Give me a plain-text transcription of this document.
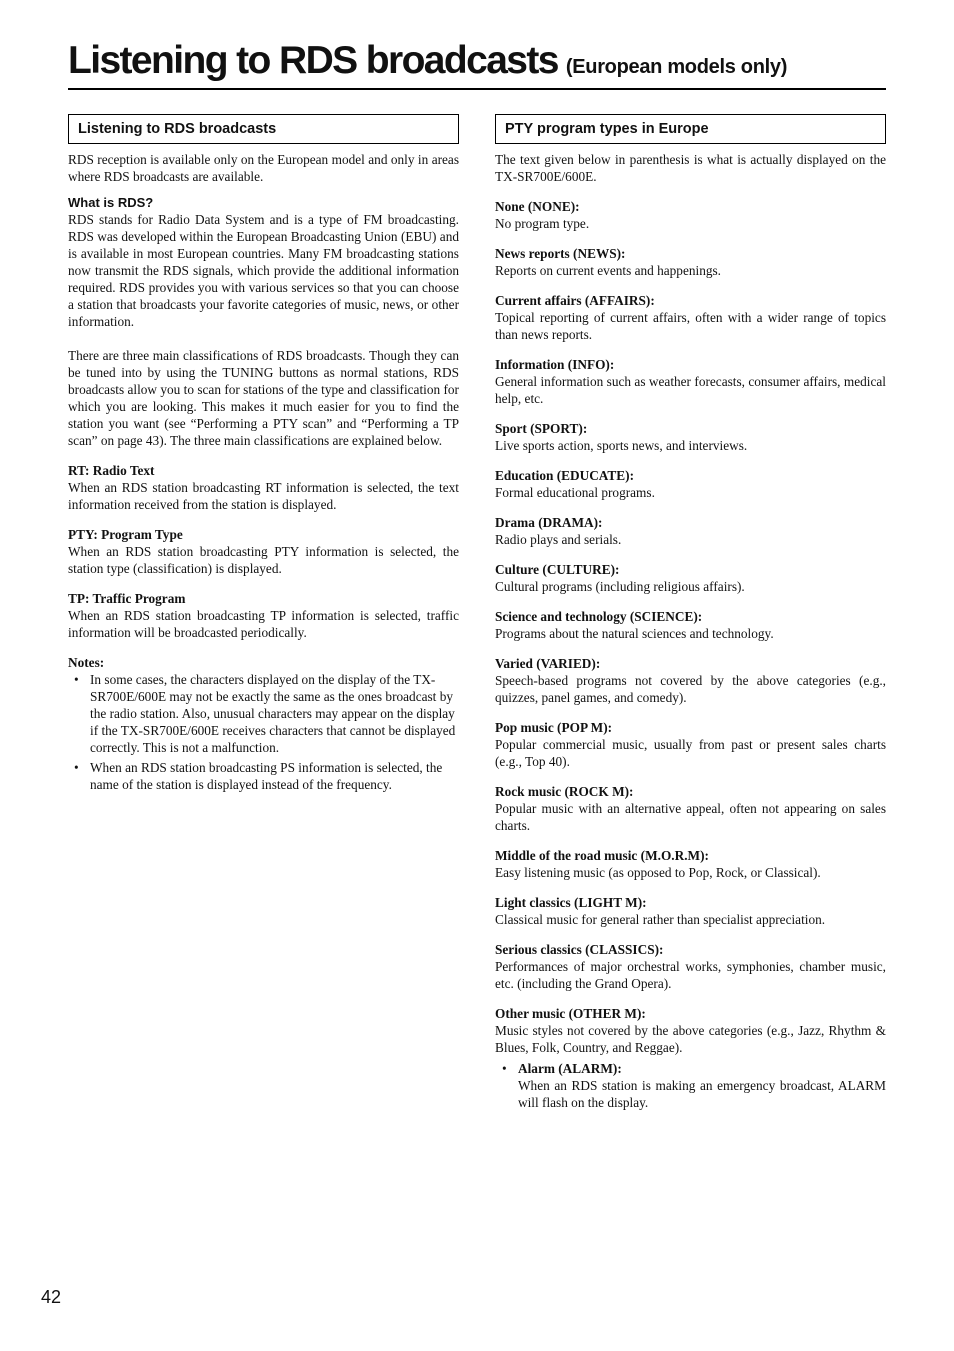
Listening to RDS broadcasts (European models only)
Listening to RDS broadcasts

RDS reception is available only on the European model and only in areas where RDS broadcasts are available.

What is RDS?

RDS stands for Radio Data System and is a type of FM broadcasting. RDS was developed within the European Broadcasting Union (EBU) and is available in most European countries. Many FM broadcasting stations now transmit the RDS signals, which provide the additional information required. RDS provides you with various services so that you can choose a station that broadcasts your favorite categories of music, news, or other information.

There are three main classifications of RDS broadcasts. Though they can be tuned into by using the TUNING buttons as normal stations, RDS broadcasts allow you to scan for stations of the type and classification for which you are looking. This makes it much easier for you to find the station you want (see “Performing a PTY scan” and “Performing a TP scan” on page 43). The three main classifications are explained below.

RT: Radio Text

When an RDS station broadcasting RT information is selected, the text information received from the station is displayed.

PTY: Program Type

When an RDS station broadcasting PTY information is selected, the station type (classification) is displayed.

TP: Traffic Program

When an RDS station broadcasting TP information is selected, traffic information will be broadcasted periodically.

Notes:
• In some cases, the characters displayed on the display of the TX-SR700E/600E may not be exactly the same as the ones broadcast by the radio station. Also, unusual characters may appear on the display if the TX-SR700E/600E receives characters that cannot be displayed correctly. This is not a malfunction.
• When an RDS station broadcasting PS information is selected, the name of the station is displayed instead of the frequency.
PTY program types in Europe

The text given below in parenthesis is what is actually displayed on the TX-SR700E/600E.

None (NONE):

No program type.

News reports (NEWS):

Reports on current events and happenings.

Current affairs (AFFAIRS):

Topical reporting of current affairs, often with a wider range of topics than news reports.

Information (INFO):

General information such as weather forecasts, consumer affairs, medical help, etc.

Sport (SPORT):

Live sports action, sports news, and interviews.

Education (EDUCATE):

Formal educational programs.

Drama (DRAMA):

Radio plays and serials.

Culture (CULTURE):

Cultural programs (including religious affairs).

Science and technology (SCIENCE):

Programs about the natural sciences and technology.

Varied (VARIED):

Speech-based programs not covered by the above categories (e.g., quizzes, panel games, and comedy).

Pop music (POP M):

Popular commercial music, usually from past or present sales charts (e.g., Top 40).

Rock music (ROCK M):

Popular music with an alternative appeal, often not appearing on sales charts.

Middle of the road music (M.O.R.M):

Easy listening music (as opposed to Pop, Rock, or Classical).

Light classics (LIGHT M):

Classical music for general rather than specialist appreciation.

Serious classics (CLASSICS):

Performances of major orchestral works, symphonies, chamber music, etc. (including the Grand Opera).

Other music (OTHER M):

Music styles not covered by the above categories (e.g., Jazz, Rhythm & Blues, Folk, Country, and Reggae).

• Alarm (ALARM):

When an RDS station is making an emergency broadcast, ALARM will flash on the display.

42
